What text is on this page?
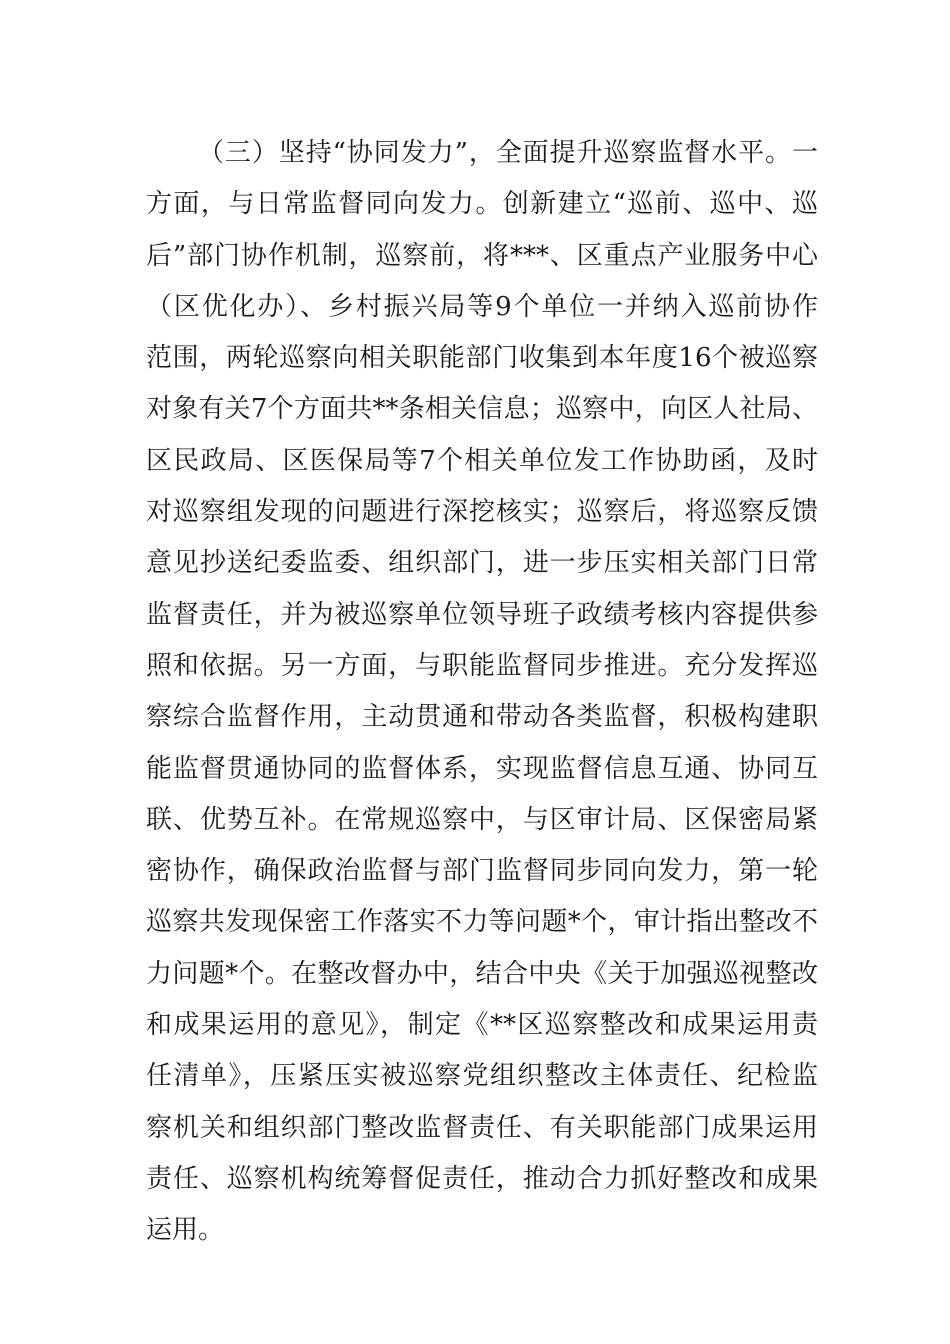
（三）坚持“协同发力”，全面提升巡察监督水平。一
方面，与日常监督同向发力。创新建立“巡前、巡中、巡
后”部门协作机制，巡察前，将***、区重点产业服务中心
（区优化办）、乡村振兴局等9个单位一并纳入巡前协作
范围，两轮巡察向相关职能部门收集到本年度16个被巡察
对象有关7个方面共**条相关信息；巡察中，向区人社局、
区民政局、区医保局等7个相关单位发工作协助函，及时
对巡察组发现的问题进行深挖核实；巡察后，将巡察反馈
意见抄送纪委监委、组织部门，进一步压实相关部门日常
监督责任，并为被巡察单位领导班子政绩考核内容提供参
照和依据。另一方面，与职能监督同步推进。充分发挥巡
察综合监督作用，主动贯通和带动各类监督，积极构建职
能监督贯通协同的监督体系，实现监督信息互通、协同互
联、优势互补。在常规巡察中，与区审计局、区保密局紧
密协作，确保政治监督与部门监督同步同向发力，第一轮
巡察共发现保密工作落实不力等问题*个，审计指出整改不
力问题*个。在整改督办中，结合中央《关于加强巡视整改
和成果运用的意见》，制定《**区巡察整改和成果运用责
任清单》，压紧压实被巡察党组织整改主体责任、纪检监
察机关和组织部门整改监督责任、有关职能部门成果运用
责任、巡察机构统筹督促责任，推动合力抓好整改和成果
运用。
